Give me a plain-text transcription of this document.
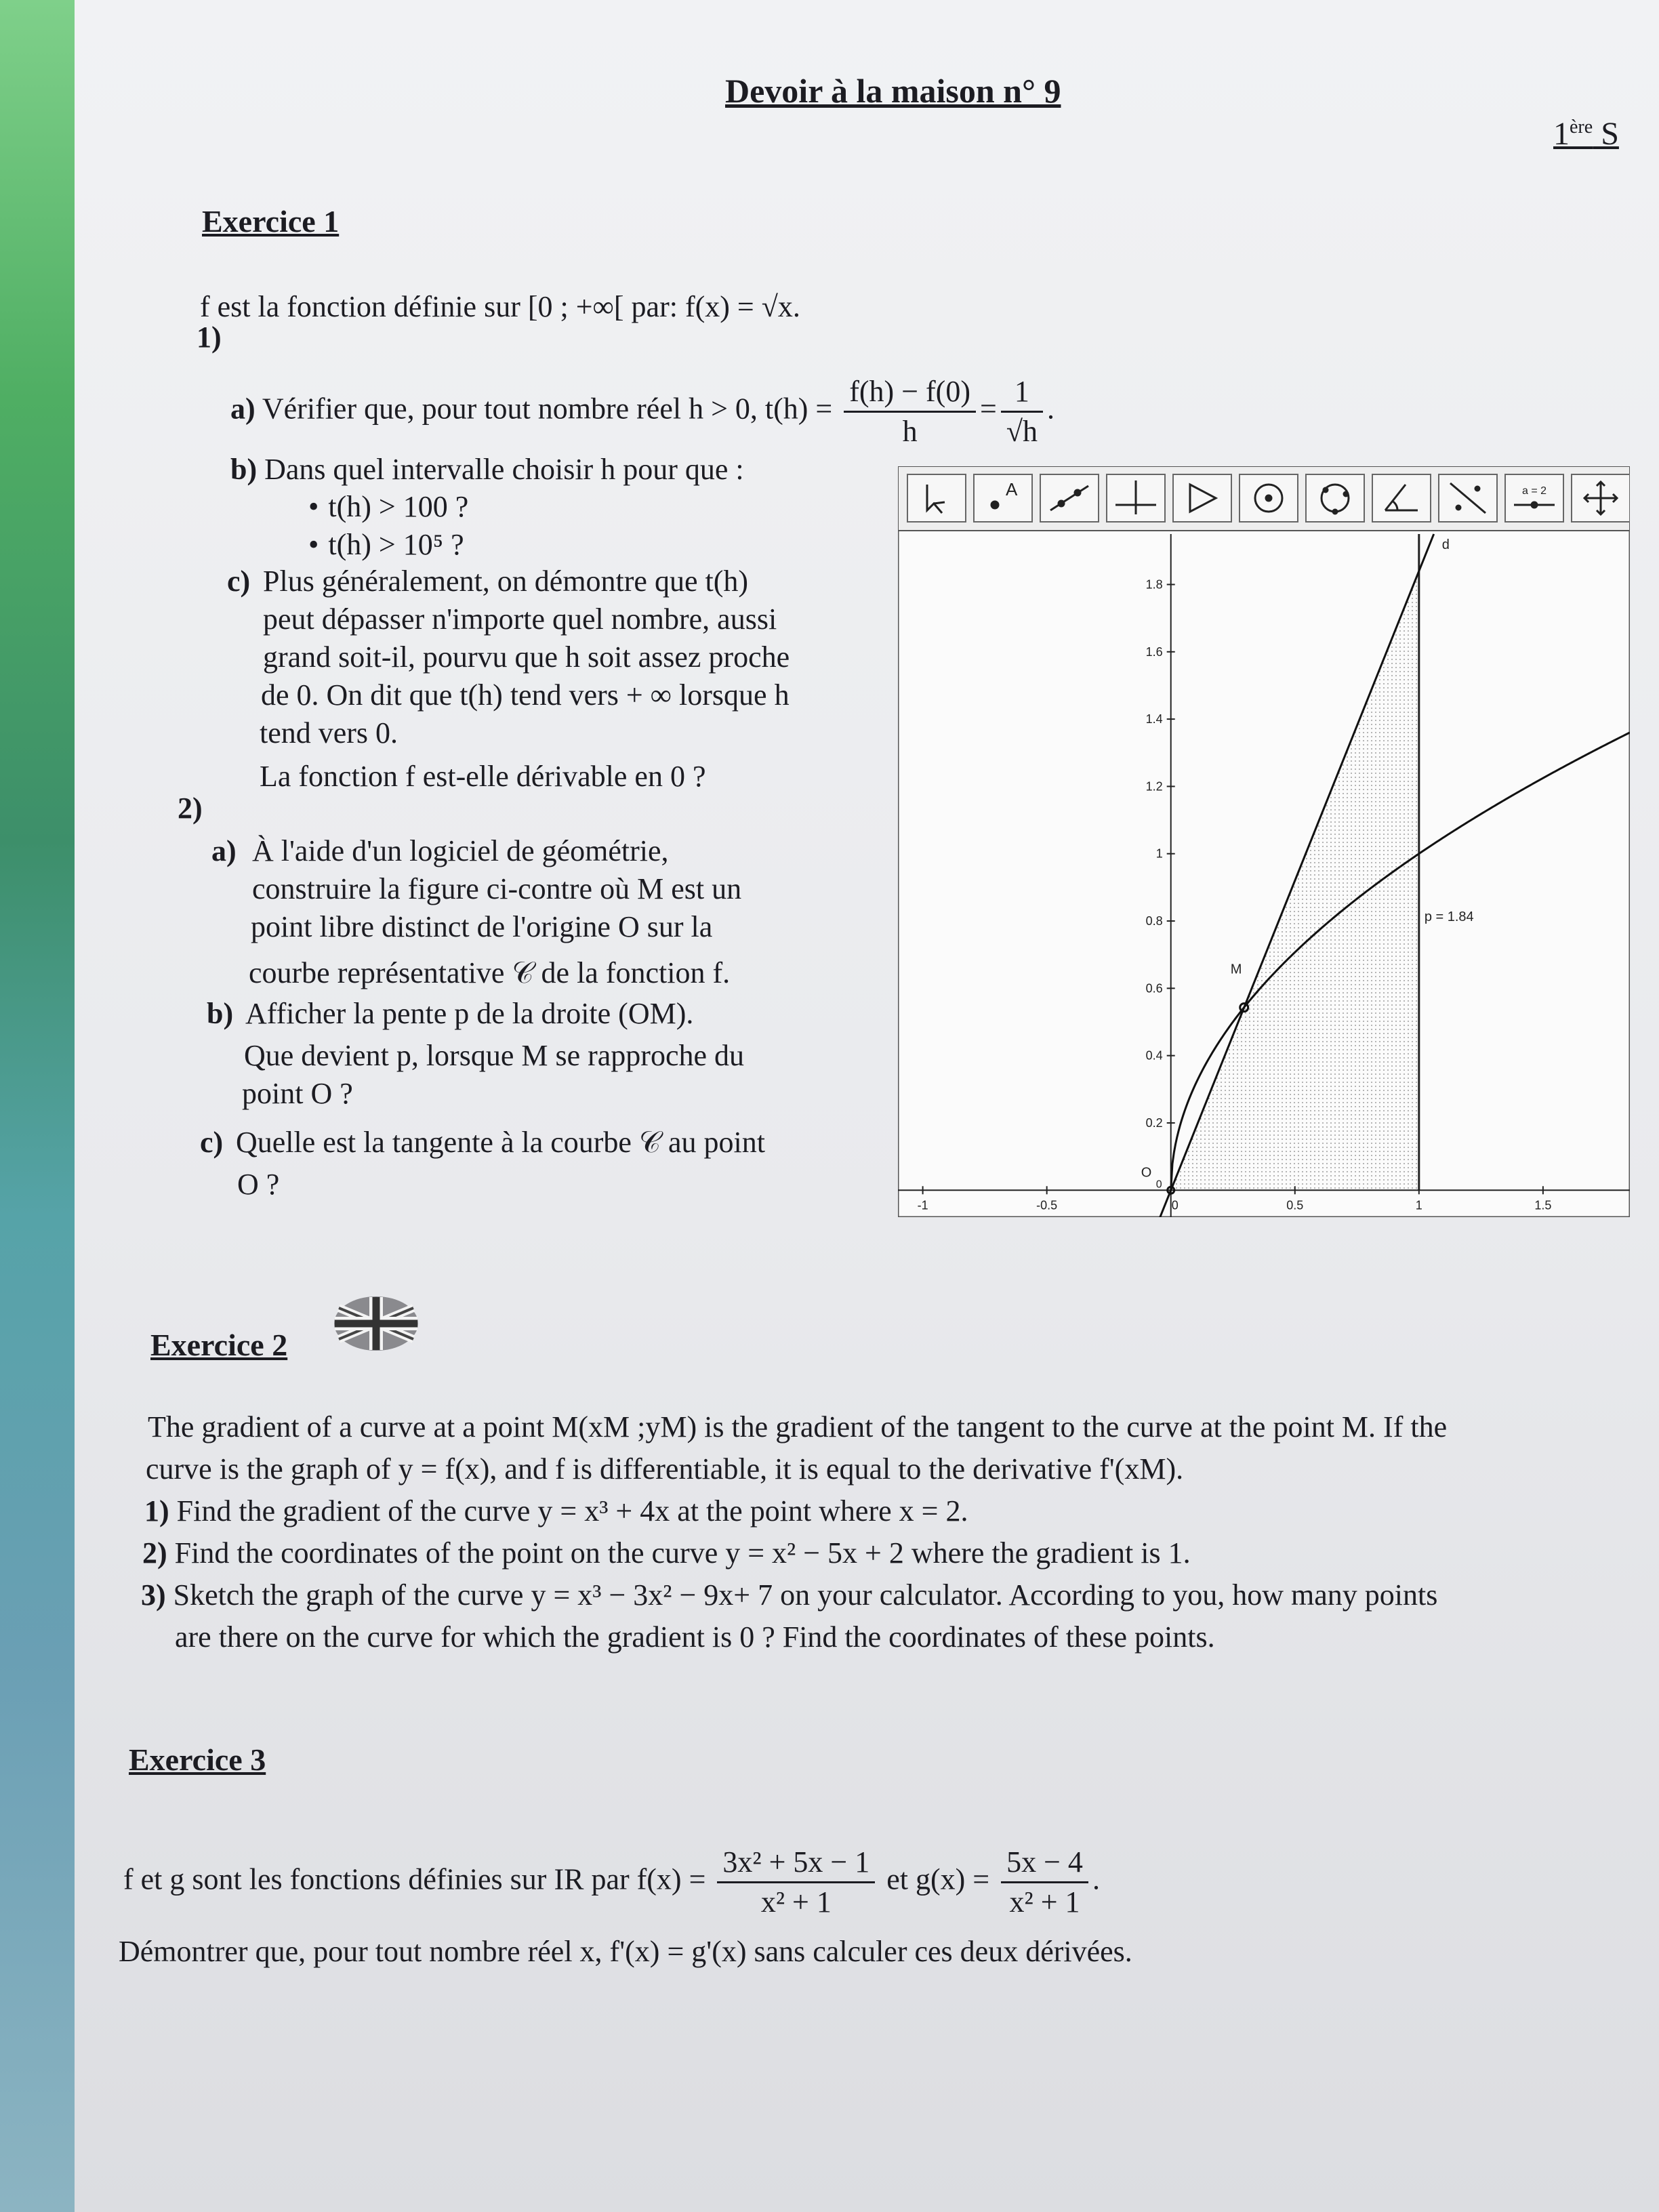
Devoir à la maison n° 9
1ère S
Exercice 1
f est la fonction définie sur [0 ; +∞[ par: f(x) = √x.
1)
a) Vérifier que, pour tout nombre réel h > 0, $t(h) = \frac{f(h) - f(0)}{h} = \frac{1}{√h}$ .
b) Dans quel intervalle choisir h pour que :
• t(h) > 100 ?
• t(h) > 10⁵ ?
c) Plus généralement, on démontre que t(h)
peut dépasser n'importe quel nombre, aussi
grand soit-il, pourvu que h soit assez proche
de 0. On dit que t(h) tend vers + ∞ lorsque h
tend vers 0.
La fonction f est-elle dérivable en 0 ?
2)
a) À l'aide d'un logiciel de géométrie,
construire la figure ci-contre où M est un
point libre distinct de l'origine O sur la
courbe représentative 𝒞 de la fonction f.
b) Afficher la pente p de la droite (OM).
Que devient p, lorsque M se rapproche du
point O ?
c) Quelle est la tangente à la courbe 𝒞 au point
O ?
A	a = 2
-1	-0.5	0	0.5	1	1.5
0.2
0.4
0.6
0.8
1
1.2
1.4
1.6
1.8
d
M
O
0
p = 1.84
Exercice 2
The gradient of a curve at a point M(xM ;yM) is the gradient of the tangent to the curve at the point M. If the
curve is the graph of y = f(x), and f is differentiable, it is equal to the derivative f'(xM).
1) Find the gradient of the curve y = x³ + 4x at the point where x = 2.
2) Find the coordinates of the point on the curve y = x² − 5x + 2 where the gradient is 1.
3) Sketch the graph of the curve y = x³ − 3x² − 9x+ 7 on your calculator. According to you, how many points
are there on the curve for which the gradient is 0 ? Find the coordinates of these points.
Exercice 3
f et g sont les fonctions définies sur IR par $f(x) = \frac{\text{3x² + 5x − 1}}{\text{x² + 1}}$ et $g(x) = \frac{5x - 4}{\text{x² + 1}}$ .
Démontrer que, pour tout nombre réel x, f'(x) = g'(x) sans calculer ces deux dérivées.
